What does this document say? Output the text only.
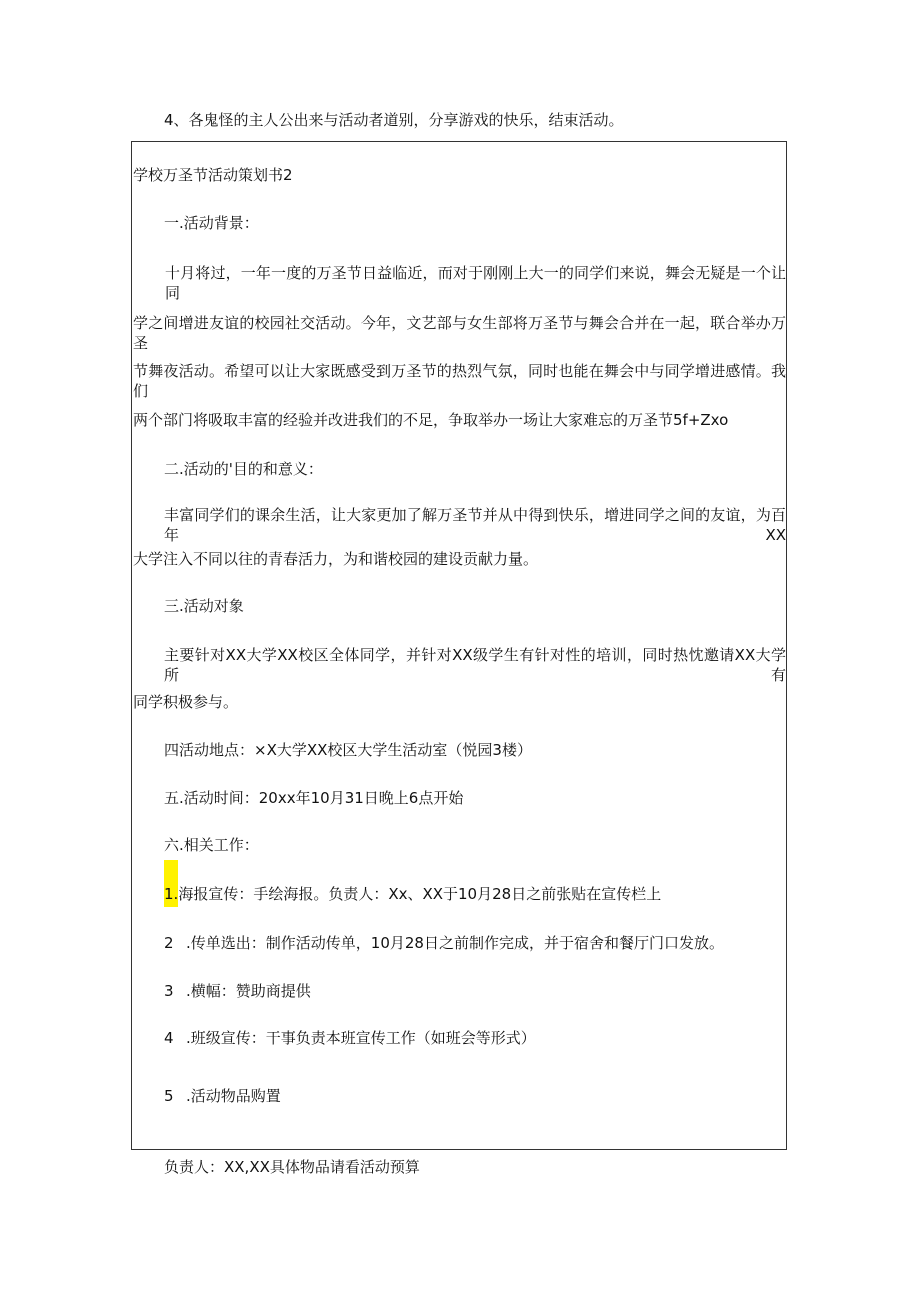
4、各鬼怪的主人公出来与活动者道别，分享游戏的快乐，结束活动。

学校万圣节活动策划书2

一.活动背景：

十月将过，一年一度的万圣节日益临近，而对于刚刚上大一的同学们来说，舞会无疑是一个让同

学之间增进友谊的校园社交活动。今年，文艺部与女生部将万圣节与舞会合并在一起，联合举办万圣

节舞夜活动。希望可以让大家既感受到万圣节的热烈气氛，同时也能在舞会中与同学增进感情。我们

两个部门将吸取丰富的经验并改进我们的不足，争取举办一场让大家难忘的万圣节5f+Zxo

二.活动的'目的和意义：

丰富同学们的课余生活，让大家更加了解万圣节并从中得到快乐，增进同学之间的友谊，为百年XX

大学注入不同以往的青春活力，为和谐校园的建设贡献力量。

三.活动对象

主要针对XX大学XX校区全体同学，并针对XX级学生有针对性的培训，同时热忱邀请XX大学所有

同学积极参与。

四活动地点：×X大学XX校区大学生活动室（悦园3楼）

五.活动时间：20xx年10月31日晚上6点开始

六.相关工作：

1.海报宣传：手绘海报。负责人：Xx、XX于10月28日之前张贴在宣传栏上

2 .传单选出：制作活动传单，10月28日之前制作完成，并于宿舍和餐厅门口发放。

3 .横幅：赞助商提供

4 .班级宣传：干事负责本班宣传工作（如班会等形式）

5 .活动物品购置

负责人：XX,XX具体物品请看活动预算
